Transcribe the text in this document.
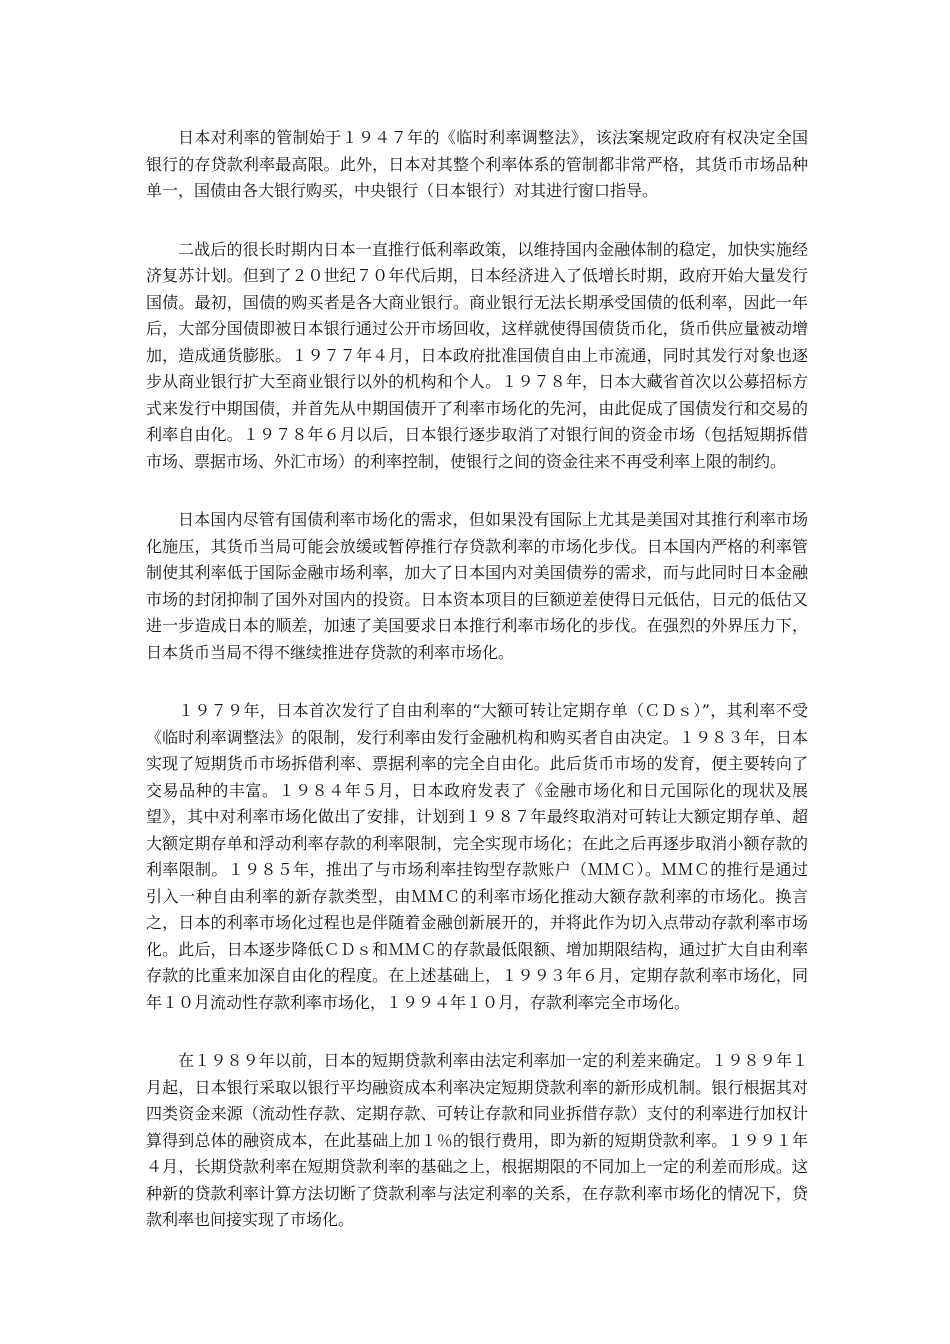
日本对利率的管制始于１９４７年的《临时利率调整法》，该法案规定政府有权决定全国银行的存贷款利率最高限。此外，日本对其整个利率体系的管制都非常严格，其货币市场品种单一，国债由各大银行购买，中央银行（日本银行）对其进行窗口指导。

二战后的很长时期内日本一直推行低利率政策，以维持国内金融体制的稳定，加快实施经济复苏计划。但到了２０世纪７０年代后期，日本经济进入了低增长时期，政府开始大量发行国债。最初，国债的购买者是各大商业银行。商业银行无法长期承受国债的低利率，因此一年后，大部分国债即被日本银行通过公开市场回收，这样就使得国债货币化，货币供应量被动增加，造成通货膨胀。１９７７年４月，日本政府批准国债自由上市流通，同时其发行对象也逐步从商业银行扩大至商业银行以外的机构和个人。１９７８年，日本大藏省首次以公募招标方式来发行中期国债，并首先从中期国债开了利率市场化的先河，由此促成了国债发行和交易的利率自由化。１９７８年６月以后，日本银行逐步取消了对银行间的资金市场（包括短期拆借市场、票据市场、外汇市场）的利率控制，使银行之间的资金往来不再受利率上限的制约。

日本国内尽管有国债利率市场化的需求，但如果没有国际上尤其是美国对其推行利率市场化施压，其货币当局可能会放缓或暂停推行存贷款利率的市场化步伐。日本国内严格的利率管制使其利率低于国际金融市场利率，加大了日本国内对美国债券的需求，而与此同时日本金融市场的封闭抑制了国外对国内的投资。日本资本项目的巨额逆差使得日元低估，日元的低估又进一步造成日本的顺差，加速了美国要求日本推行利率市场化的步伐。在强烈的外界压力下，日本货币当局不得不继续推进存贷款的利率市场化。

１９７９年，日本首次发行了自由利率的“大额可转让定期存单（ＣＤｓ）”，其利率不受《临时利率调整法》的限制，发行利率由发行金融机构和购买者自由决定。１９８３年，日本实现了短期货币市场拆借利率、票据利率的完全自由化。此后货币市场的发育，便主要转向了交易品种的丰富。１９８４年５月，日本政府发表了《金融市场化和日元国际化的现状及展望》，其中对利率市场化做出了安排，计划到１９８７年最终取消对可转让大额定期存单、超大额定期存单和浮动利率存款的利率限制，完全实现市场化；在此之后再逐步取消小额存款的利率限制。１９８５年，推出了与市场利率挂钩型存款账户（ＭＭＣ）。ＭＭＣ的推行是通过引入一种自由利率的新存款类型，由ＭＭＣ的利率市场化推动大额存款利率的市场化。换言之，日本的利率市场化过程也是伴随着金融创新展开的，并将此作为切入点带动存款利率市场化。此后，日本逐步降低ＣＤｓ和ＭＭＣ的存款最低限额、增加期限结构，通过扩大自由利率存款的比重来加深自由化的程度。在上述基础上，１９９３年６月，定期存款利率市场化，同年１０月流动性存款利率市场化，１９９４年１０月，存款利率完全市场化。

在１９８９年以前，日本的短期贷款利率由法定利率加一定的利差来确定。１９８９年１月起，日本银行采取以银行平均融资成本利率决定短期贷款利率的新形成机制。银行根据其对四类资金来源（流动性存款、定期存款、可转让存款和同业拆借存款）支付的利率进行加权计算得到总体的融资成本，在此基础上加１％的银行费用，即为新的短期贷款利率。１９９１年４月，长期贷款利率在短期贷款利率的基础之上，根据期限的不同加上一定的利差而形成。这种新的贷款利率计算方法切断了贷款利率与法定利率的关系，在存款利率市场化的情况下，贷款利率也间接实现了市场化。
